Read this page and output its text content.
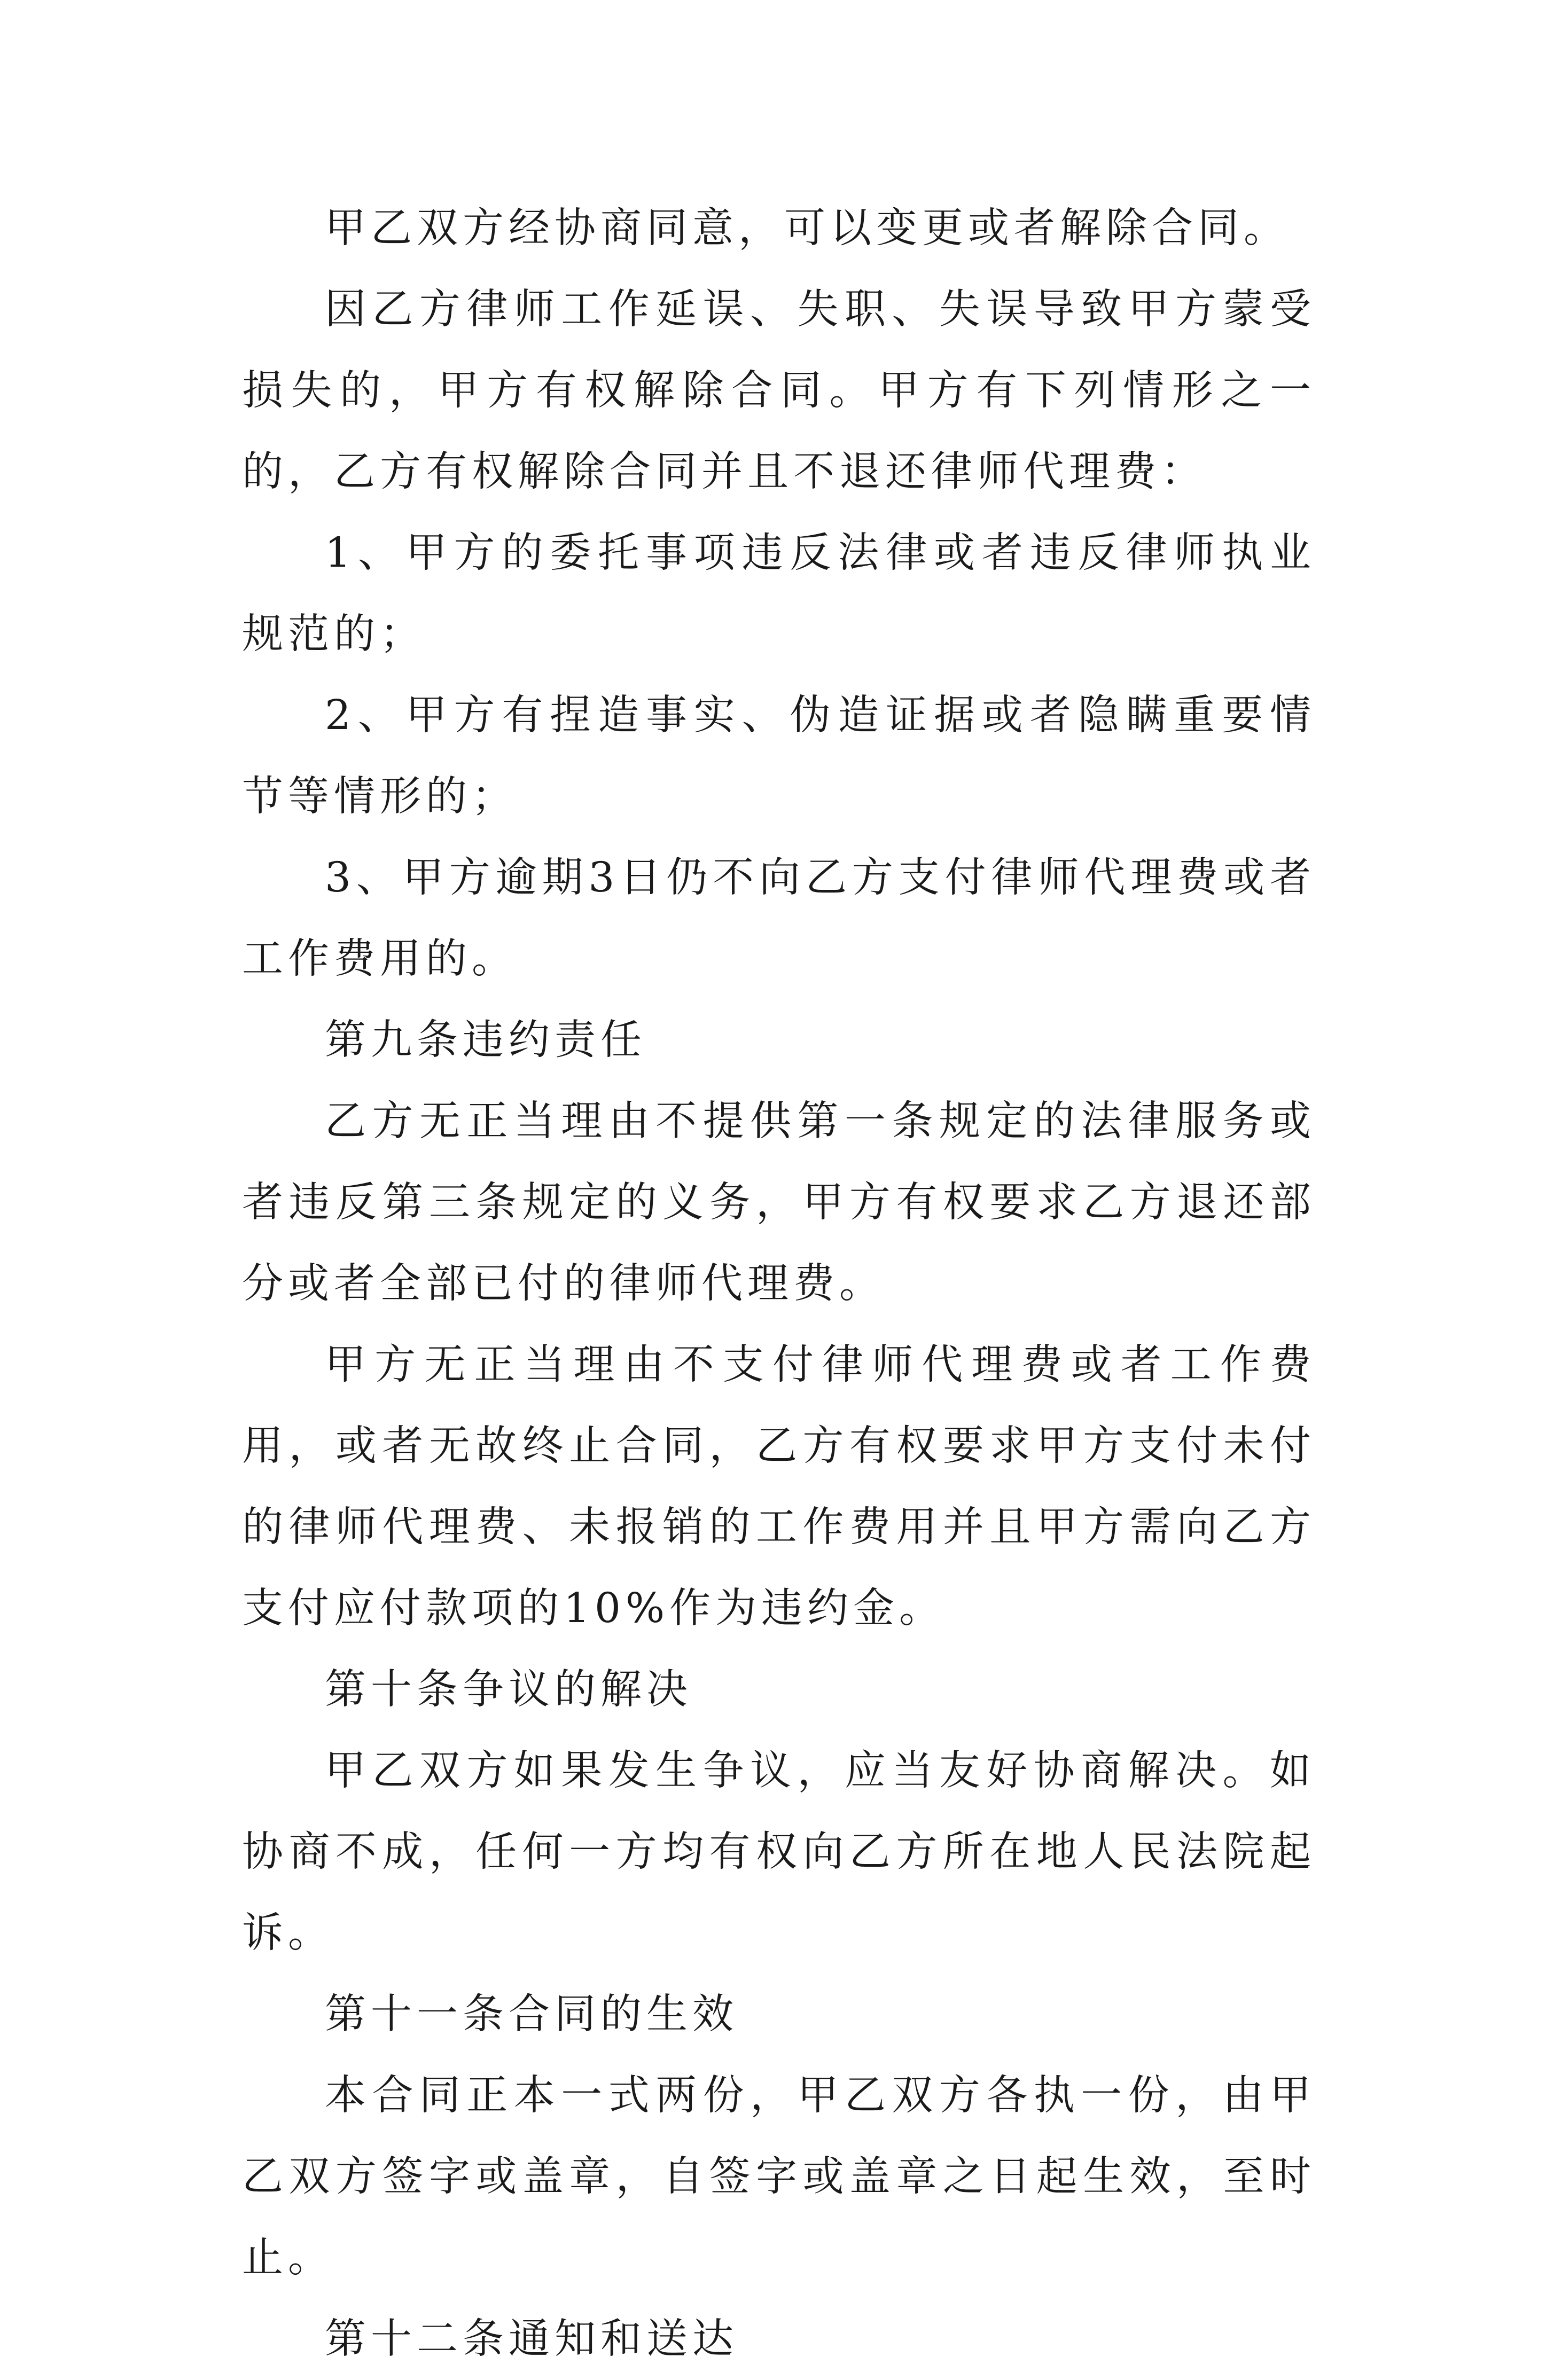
甲乙双方经协商同意，可以变更或者解除合同。

因乙方律师工作延误、失职、失误导致甲方蒙受损失的，甲方有权解除合同。甲方有下列情形之一的，乙方有权解除合同并且不退还律师代理费：

1、甲方的委托事项违反法律或者违反律师执业规范的；

2、甲方有捏造事实、伪造证据或者隐瞒重要情节等情形的；

3、甲方逾期3日仍不向乙方支付律师代理费或者工作费用的。

第九条违约责任

乙方无正当理由不提供第一条规定的法律服务或者违反第三条规定的义务，甲方有权要求乙方退还部分或者全部已付的律师代理费。

甲方无正当理由不支付律师代理费或者工作费用，或者无故终止合同，乙方有权要求甲方支付未付的律师代理费、未报销的工作费用并且甲方需向乙方支付应付款项的10%作为违约金。

第十条争议的解决

甲乙双方如果发生争议，应当友好协商解决。如协商不成，任何一方均有权向乙方所在地人民法院起诉。

第十一条合同的生效

本合同正本一式两份，甲乙双方各执一份，由甲乙双方签字或盖章，自签字或盖章之日起生效，至时止。

第十二条通知和送达
